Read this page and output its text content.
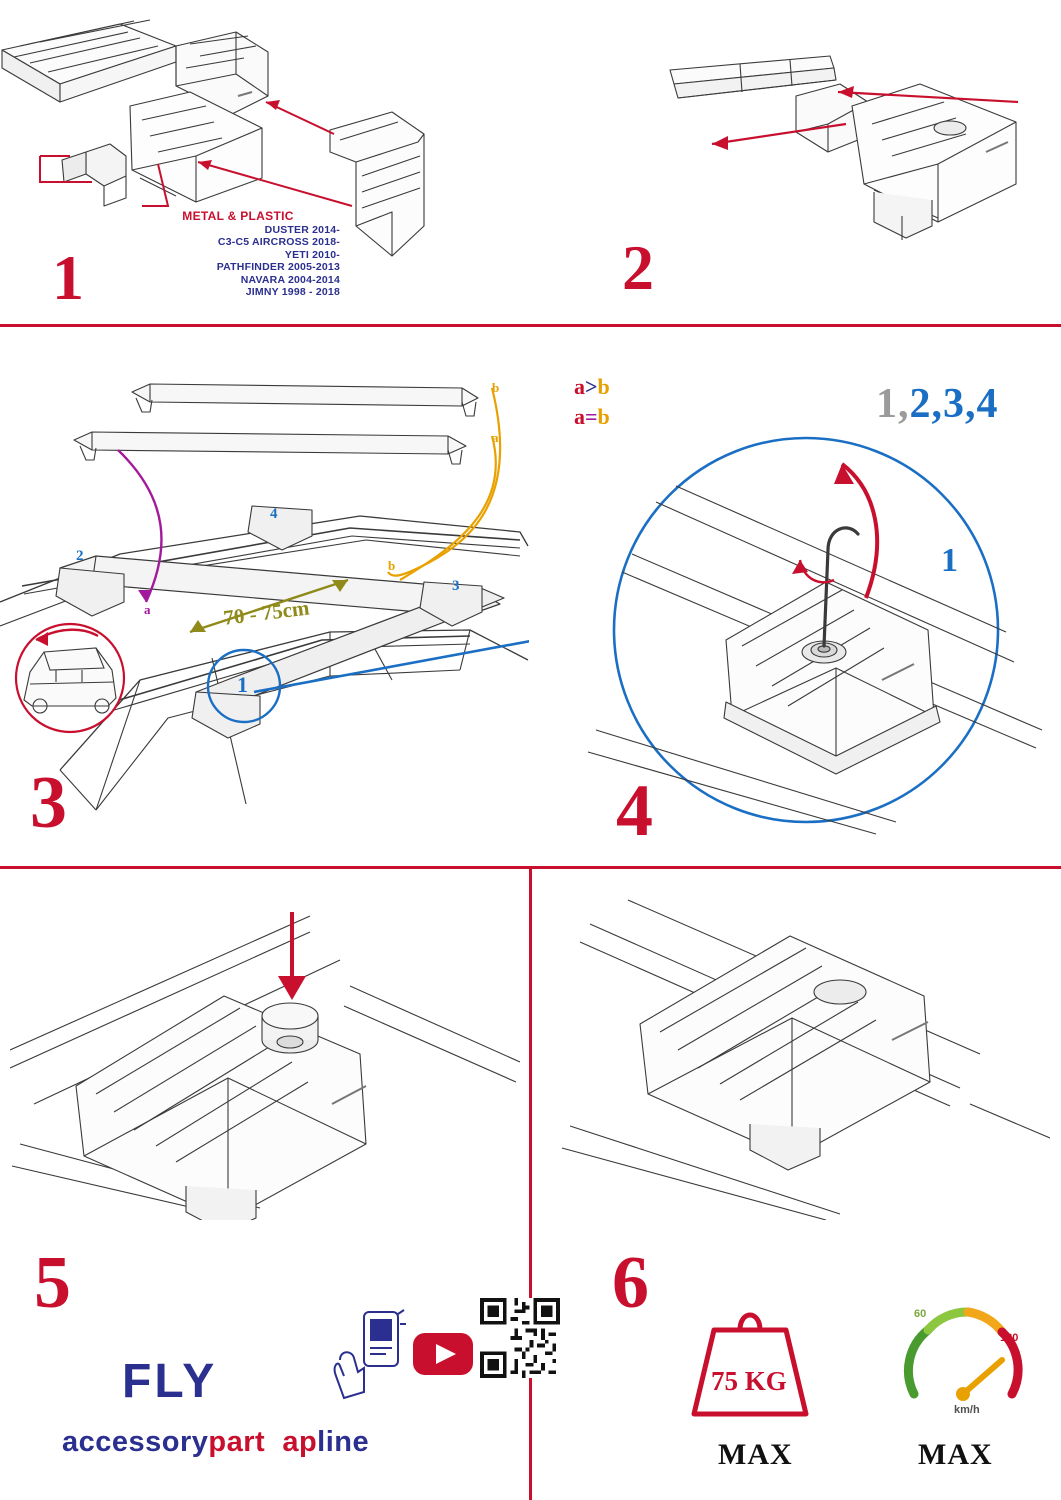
METAL & PLASTIC
DUSTER 2014-
C3-C5 AIRCROSS 2018-
YETI 2010-
PATHFINDER 2005-2013
NAVARA 2004-2014
JIMNY 1998 - 2018
1	2
a>b
a=b
70 - 75cm
b
a
a
b
2
4
3
1
3
1,2,3,4
1
4
5	6
FLY
accessorypart apline
75 KG
MAX
60
120
km/h
MAX
